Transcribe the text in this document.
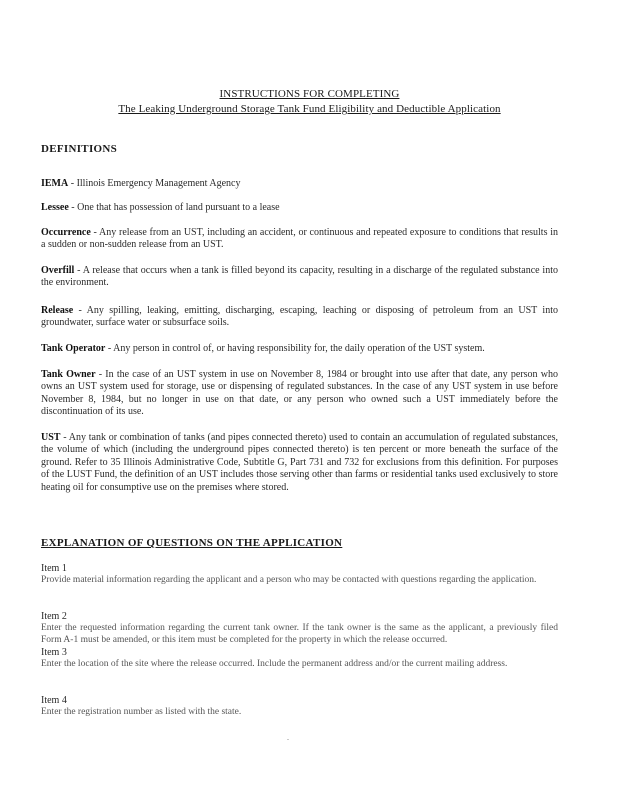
INSTRUCTIONS FOR COMPLETING
The Leaking Underground Storage Tank Fund Eligibility and Deductible Application
DEFINITIONS
IEMA - Illinois Emergency Management Agency
Lessee - One that has possession of land pursuant to a lease
Occurrence - Any release from an UST, including an accident, or continuous and repeated exposure to conditions that results in a sudden or non-sudden release from an UST.
Overfill - A release that occurs when a tank is filled beyond its capacity, resulting in a discharge of the regulated substance into the environment.
Release - Any spilling, leaking, emitting, discharging, escaping, leaching or disposing of petroleum from an UST into groundwater, surface water or subsurface soils.
Tank Operator - Any person in control of, or having responsibility for, the daily operation of the UST system.
Tank Owner - In the case of an UST system in use on November 8, 1984 or brought into use after that date, any person who owns an UST system used for storage, use or dispensing of regulated substances. In the case of any UST system in use before November 8, 1984, but no longer in use on that date, or any person who owned such a UST immediately before the discontinuation of its use.
UST - Any tank or combination of tanks (and pipes connected thereto) used to contain an accumulation of regulated substances, the volume of which (including the underground pipes connected thereto) is ten percent or more beneath the surface of the ground. Refer to 35 Illinois Administrative Code, Subtitle G, Part 731 and 732 for exclusions from this definition. For purposes of the LUST Fund, the definition of an UST includes those serving other than farms or residential tanks used exclusively to store heating oil for consumptive use on the premises where stored.
EXPLANATION OF QUESTIONS ON THE APPLICATION
Item 1
Provide material information regarding the applicant and a person who may be contacted with questions regarding the application.
Item 2
Enter the requested information regarding the current tank owner. If the tank owner is the same as the applicant, a previously filed Form A-1 must be amended, or this item must be completed for the property in which the release occurred.
Item 3
Enter the location of the site where the release occurred. Include the permanent address and/or the current mailing address.
Item 4
Enter the registration number as listed with the state.
.
